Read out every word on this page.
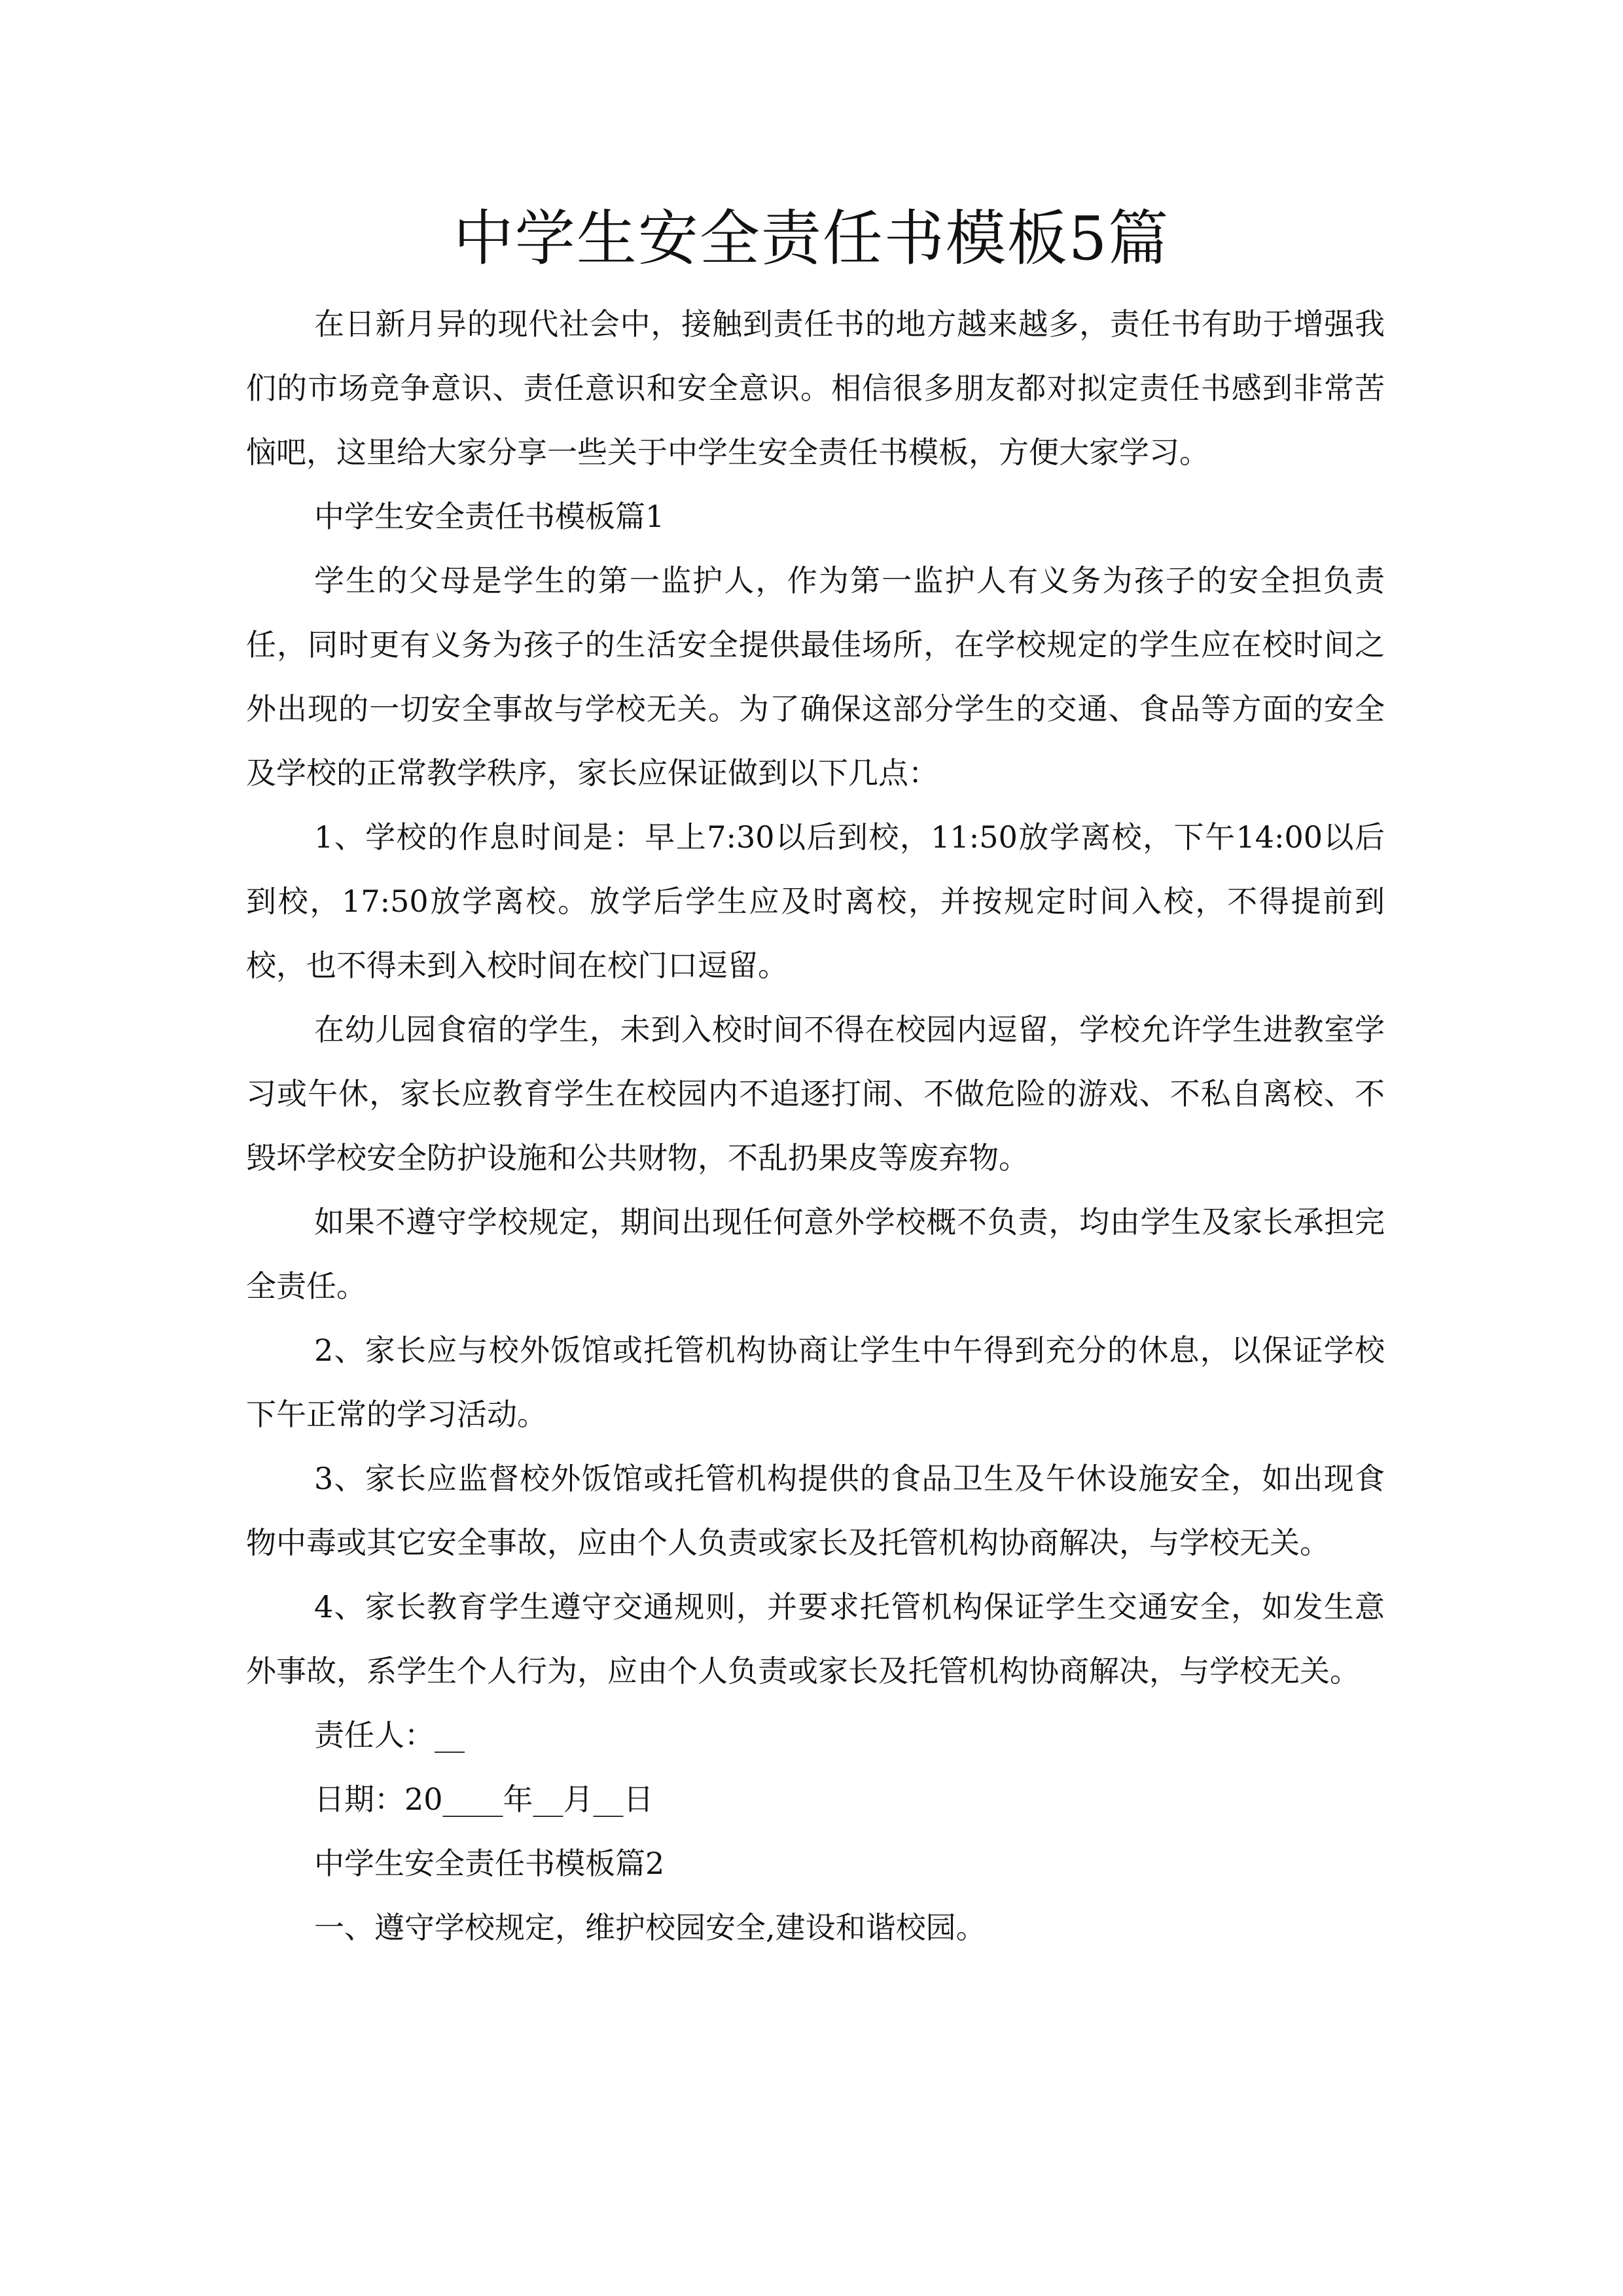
中学生安全责任书模板5篇

在日新月异的现代社会中，接触到责任书的地方越来越多，责任书有助于增强我们的市场竞争意识、责任意识和安全意识。相信很多朋友都对拟定责任书感到非常苦恼吧，这里给大家分享一些关于中学生安全责任书模板，方便大家学习。

中学生安全责任书模板篇1

学生的父母是学生的第一监护人，作为第一监护人有义务为孩子的安全担负责任，同时更有义务为孩子的生活安全提供最佳场所，在学校规定的学生应在校时间之外出现的一切安全事故与学校无关。为了确保这部分学生的交通、食品等方面的安全及学校的正常教学秩序，家长应保证做到以下几点：

1、学校的作息时间是：早上7:30以后到校，11:50放学离校，下午14:00以后到校，17:50放学离校。放学后学生应及时离校，并按规定时间入校，不得提前到校，也不得未到入校时间在校门口逗留。

在幼儿园食宿的学生，未到入校时间不得在校园内逗留，学校允许学生进教室学习或午休，家长应教育学生在校园内不追逐打闹、不做危险的游戏、不私自离校、不毁坏学校安全防护设施和公共财物，不乱扔果皮等废弃物。

如果不遵守学校规定，期间出现任何意外学校概不负责，均由学生及家长承担完全责任。

2、家长应与校外饭馆或托管机构协商让学生中午得到充分的休息，以保证学校下午正常的学习活动。

3、家长应监督校外饭馆或托管机构提供的食品卫生及午休设施安全，如出现食物中毒或其它安全事故，应由个人负责或家长及托管机构协商解决，与学校无关。

4、家长教育学生遵守交通规则，并要求托管机构保证学生交通安全，如发生意外事故，系学生个人行为，应由个人负责或家长及托管机构协商解决，与学校无关。

责任人：__

日期：20____年__月__日

中学生安全责任书模板篇2

一、遵守学校规定，维护校园安全,建设和谐校园。
